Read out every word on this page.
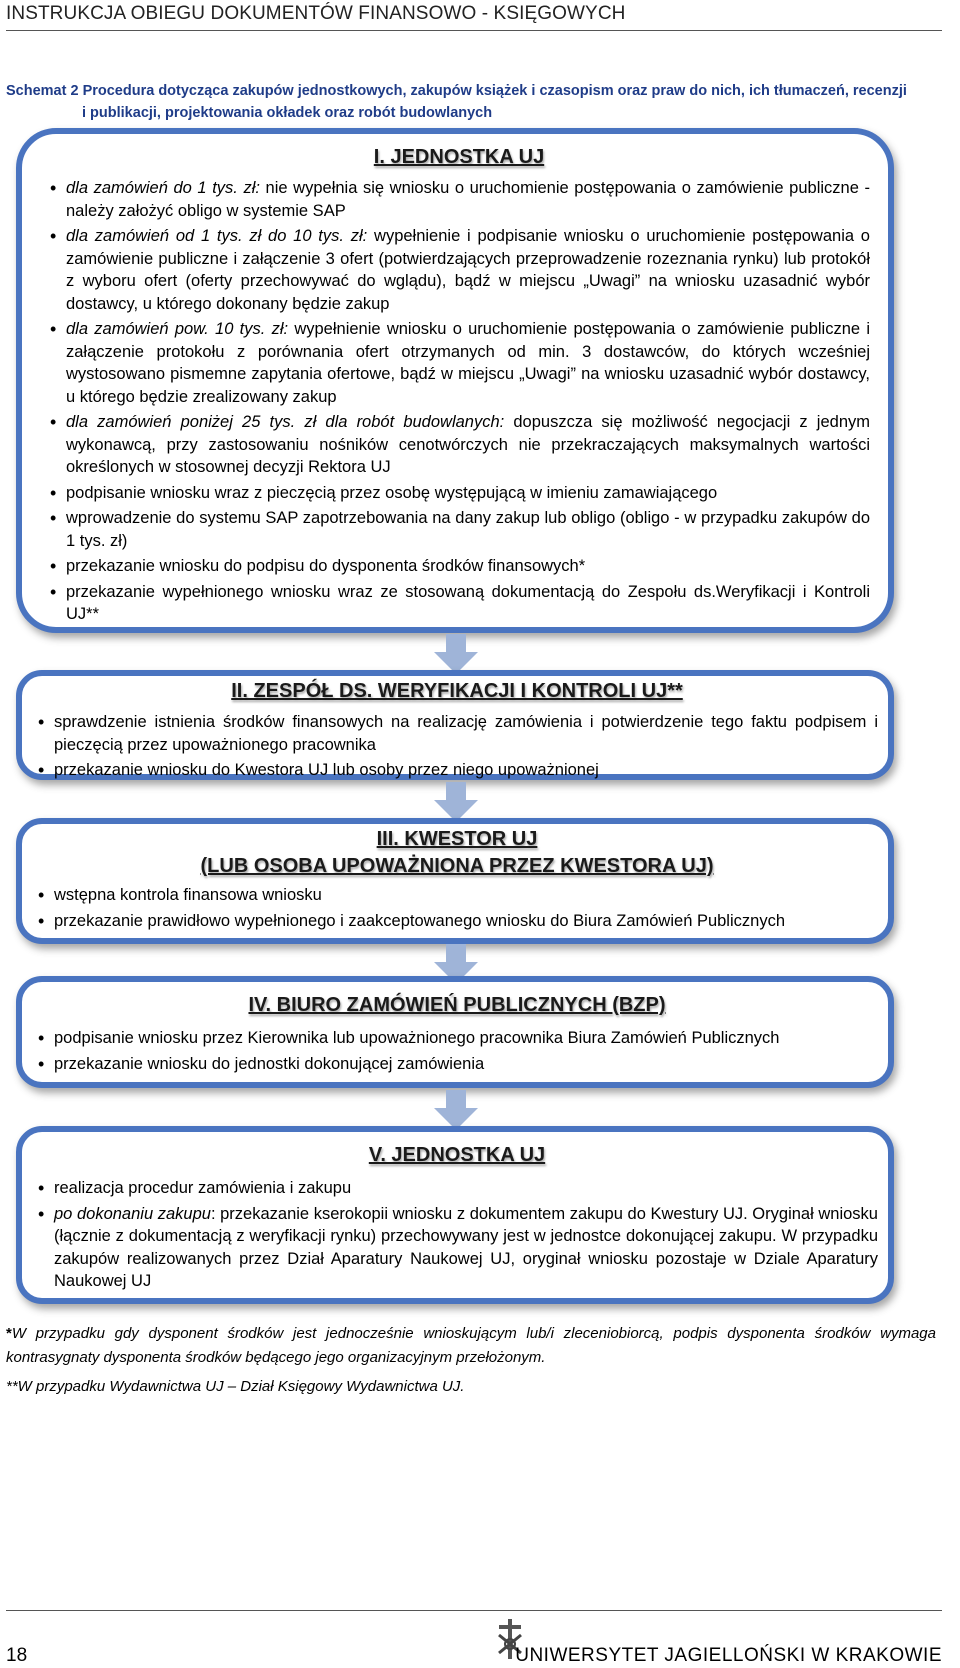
INSTRUKCJA OBIEGU DOKUMENTÓW FINANSOWO - KSIĘGOWYCH
Schemat 2 Procedura dotycząca zakupów jednostkowych, zakupów książek i czasopism oraz praw do nich, ich tłumaczeń, recenzji
i publikacji, projektowania okładek oraz robót budowlanych
I. JEDNOSTKA UJ
• dla zamówień do 1 tys. zł: nie wypełnia się wniosku o uruchomienie postępowania o zamówienie publiczne - należy założyć obligo w systemie SAP
• dla zamówień od 1 tys. zł do 10 tys. zł: wypełnienie i podpisanie wniosku o uruchomienie postępowania o zamówienie publiczne i załączenie 3 ofert (potwierdzających przeprowadzenie rozeznania rynku) lub protokół z wyboru ofert (oferty przechowywać do wglądu), bądź w miejscu „Uwagi” na wniosku uzasadnić wybór dostawcy, u którego dokonany będzie zakup
• dla zamówień pow. 10 tys. zł: wypełnienie wniosku o uruchomienie postępowania o zamówienie publiczne i załączenie protokołu z porównania ofert otrzymanych od min. 3 dostawców, do których wcześniej wystosowano pismemne zapytania ofertowe, bądź w miejscu „Uwagi” na wniosku uzasadnić wybór dostawcy, u którego będzie zrealizowany zakup
• dla zamówień poniżej 25 tys. zł dla robót budowlanych: dopuszcza się możliwość negocjacji z jednym wykonawcą, przy zastosowaniu nośników cenotwórczych nie przekraczających maksymalnych wartości określonych w stosownej decyzji Rektora UJ
• podpisanie wniosku wraz z pieczęcią przez osobę występującą w imieniu zamawiającego
• wprowadzenie do systemu SAP zapotrzebowania na dany zakup lub obligo (obligo - w przypadku zakupów do 1 tys. zł)
• przekazanie wniosku do podpisu do dysponenta środków finansowych*
• przekazanie wypełnionego wniosku wraz ze stosowaną dokumentacją do Zespołu ds.Weryfikacji i Kontroli UJ**
II. ZESPÓŁ DS. WERYFIKACJI I KONTROLI UJ**
• sprawdzenie istnienia środków finansowych na realizację zamówienia i potwierdzenie tego faktu podpisem i pieczęcią przez upoważnionego pracownika
• przekazanie wniosku do Kwestora UJ lub osoby przez niego upoważnionej
III. KWESTOR UJ
(LUB OSOBA UPOWAŻNIONA PRZEZ KWESTORA UJ)
• wstępna kontrola finansowa wniosku
• przekazanie prawidłowo wypełnionego i zaakceptowanego wniosku do Biura Zamówień Publicznych
IV. BIURO ZAMÓWIEŃ PUBLICZNYCH (BZP)
• podpisanie wniosku przez Kierownika lub upoważnionego pracownika Biura Zamówień Publicznych
• przekazanie wniosku do jednostki dokonującej zamówienia
V. JEDNOSTKA UJ
• realizacja procedur zamówienia i zakupu
• po dokonaniu zakupu: przekazanie kserokopii wniosku z dokumentem zakupu do Kwestury UJ. Oryginał wniosku (łącznie z dokumentacją z weryfikacji rynku) przechowywany jest w jednostce dokonującej zakupu. W przypadku zakupów realizowanych przez Dział Aparatury Naukowej UJ, oryginał wniosku pozostaje w Dziale Aparatury Naukowej UJ

*W przypadku gdy dysponent środków jest jednocześnie wnioskującym lub/i zleceniobiorcą, podpis dysponenta środków wymaga kontrasygnaty dysponenta środków będącego jego organizacyjnym przełożonym.

**W przypadku Wydawnictwa UJ – Dział Księgowy Wydawnictwa UJ.

18	UNIWERSYTET JAGIELLOŃSKI W KRAKOWIE
